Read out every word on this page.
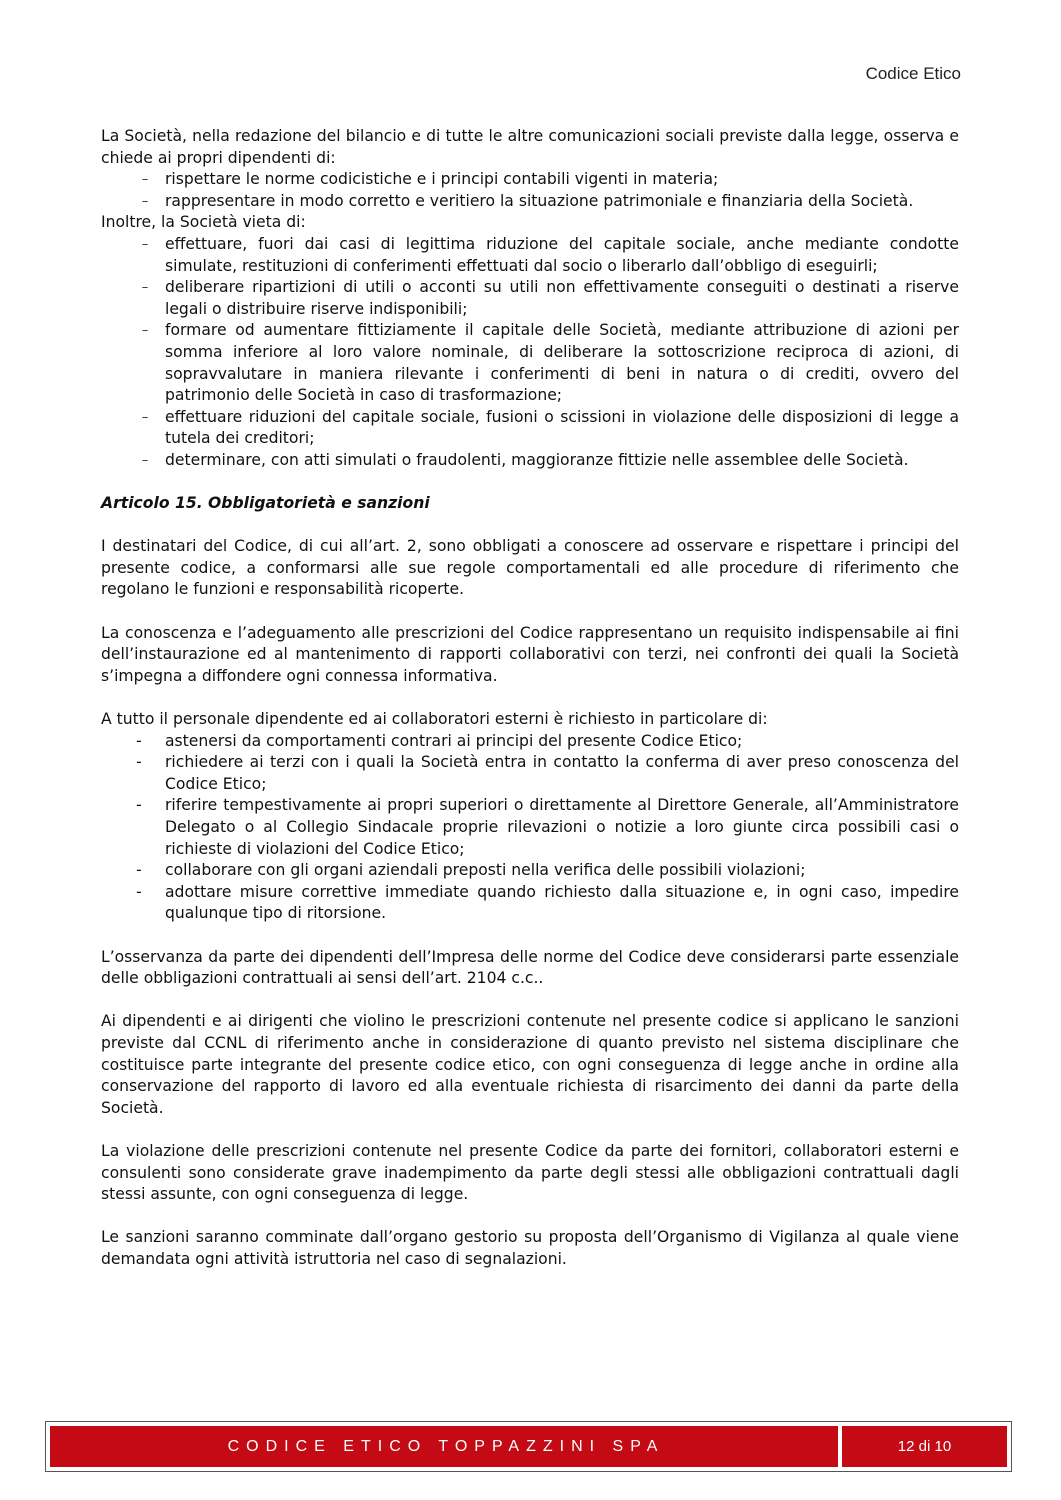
Codice Etico

La Società, nella redazione del bilancio e di tutte le altre comunicazioni sociali previste dalla legge, osserva e chiede ai propri dipendenti di:

– rispettare le norme codicistiche e i principi contabili vigenti in materia;
– rappresentare in modo corretto e veritiero la situazione patrimoniale e finanziaria della Società.

Inoltre, la Società vieta di:

– effettuare, fuori dai casi di legittima riduzione del capitale sociale, anche mediante condotte simulate, restituzioni di conferimenti effettuati dal socio o liberarlo dall’obbligo di eseguirli;
– deliberare ripartizioni di utili o acconti su utili non effettivamente conseguiti o destinati a riserve legali o distribuire riserve indisponibili;
– formare od aumentare fittiziamente il capitale delle Società, mediante attribuzione di azioni per somma inferiore al loro valore nominale, di deliberare la sottoscrizione reciproca di azioni, di sopravvalutare in maniera rilevante i conferimenti di beni in natura o di crediti, ovvero del patrimonio delle Società in caso di trasformazione;
– effettuare riduzioni del capitale sociale, fusioni o scissioni in violazione delle disposizioni di legge a tutela dei creditori;
– determinare, con atti simulati o fraudolenti, maggioranze fittizie nelle assemblee delle Società.

Articolo 15. Obbligatorietà e sanzioni

I destinatari del Codice, di cui all’art. 2, sono obbligati a conoscere ad osservare e rispettare i principi del presente codice, a conformarsi alle sue regole comportamentali ed alle procedure di riferimento che regolano le funzioni e responsabilità ricoperte.

La conoscenza e l’adeguamento alle prescrizioni del Codice rappresentano un requisito indispensabile ai fini dell’instaurazione ed al mantenimento di rapporti collaborativi con terzi, nei confronti dei quali la Società s’impegna a diffondere ogni connessa informativa.

A tutto il personale dipendente ed ai collaboratori esterni è richiesto in particolare di:

- astenersi da comportamenti contrari ai principi del presente Codice Etico;
- richiedere ai terzi con i quali la Società entra in contatto la conferma di aver preso conoscenza del Codice Etico;
- riferire tempestivamente ai propri superiori o direttamente al Direttore Generale, all’Amministratore Delegato o al Collegio Sindacale proprie rilevazioni o notizie a loro giunte circa possibili casi o richieste di violazioni del Codice Etico;
- collaborare con gli organi aziendali preposti nella verifica delle possibili violazioni;
- adottare misure correttive immediate quando richiesto dalla situazione e, in ogni caso, impedire qualunque tipo di ritorsione.

L’osservanza da parte dei dipendenti dell’Impresa delle norme del Codice deve considerarsi parte essenziale delle obbligazioni contrattuali ai sensi dell’art. 2104 c.c..

Ai dipendenti e ai dirigenti che violino le prescrizioni contenute nel presente codice si applicano le sanzioni previste dal CCNL di riferimento anche in considerazione di quanto previsto nel sistema disciplinare che costituisce parte integrante del presente codice etico, con ogni conseguenza di legge anche in ordine alla conservazione del rapporto di lavoro ed alla eventuale richiesta di risarcimento dei danni da parte della Società.

La violazione delle prescrizioni contenute nel presente Codice da parte dei fornitori, collaboratori esterni e consulenti sono considerate grave inadempimento da parte degli stessi alle obbligazioni contrattuali dagli stessi assunte, con ogni conseguenza di legge.

Le sanzioni saranno comminate dall’organo gestorio su proposta dell’Organismo di Vigilanza al quale viene demandata ogni attività istruttoria nel caso di segnalazioni.

CODICE ETICO TOPPAZZINI SPA	12 di 10
